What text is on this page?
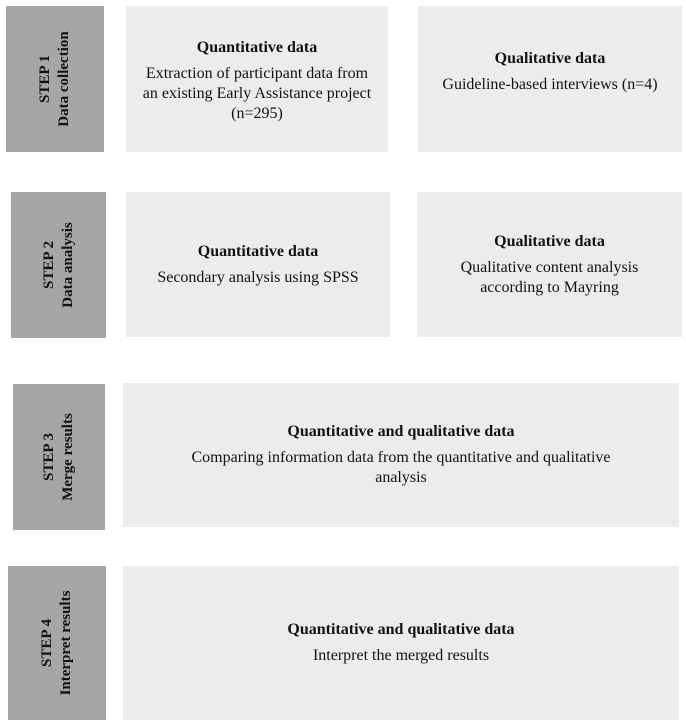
STEP 1 Data collection	Quantitative data
Extraction of participant data from an existing Early Assistance project (n=295)
Qualitative data
Guideline-based interviews (n=4)
STEP 2 Data analysis	Quantitative data
Secondary analysis using SPSS
Qualitative data
Qualitative content analysis according to Mayring
STEP 3 Merge results	Quantitative and qualitative data
Comparing information data from the quantitative and qualitative analysis
STEP 4 Interpret results	Quantitative and qualitative data
Interpret the merged results
